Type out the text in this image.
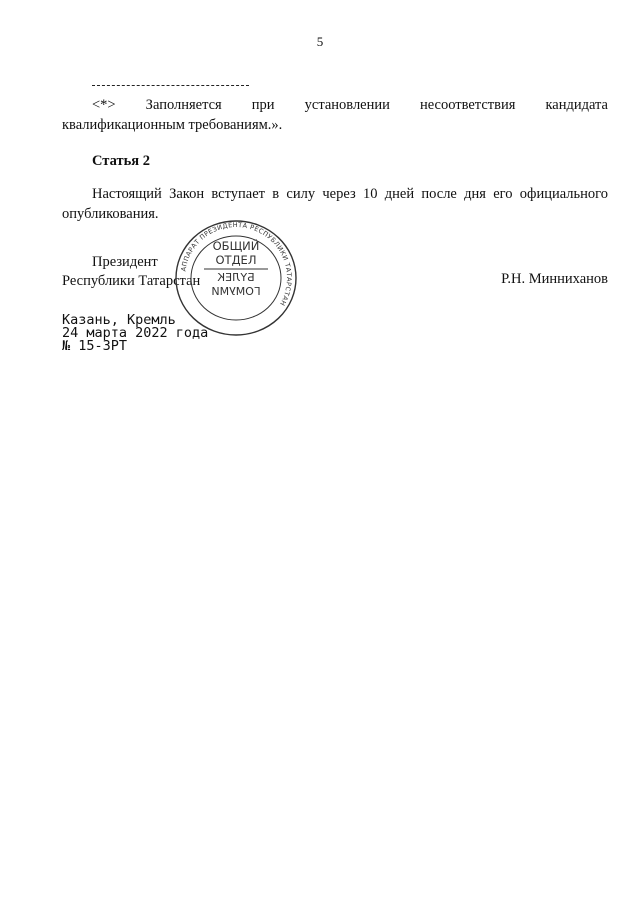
5
<*> Заполняется при установлении несоответствия кандидата
квалификационным требованиям.».
Статья 2
Настоящий Закон вступает в силу через 10 дней после дня его официального
опубликования.
Президент
Республики Татарстан	Р.Н. Минниханов
АППАРАТ ПРЕЗИДЕНТА РЕСПУБЛИКИ ТАТАРСТАН
ОБЩИЙ
ОТДЕЛ
БҮЛЕК
ГОМУМИ
Казань, Кремль
24 марта 2022 года
№ 15-ЗРТ
